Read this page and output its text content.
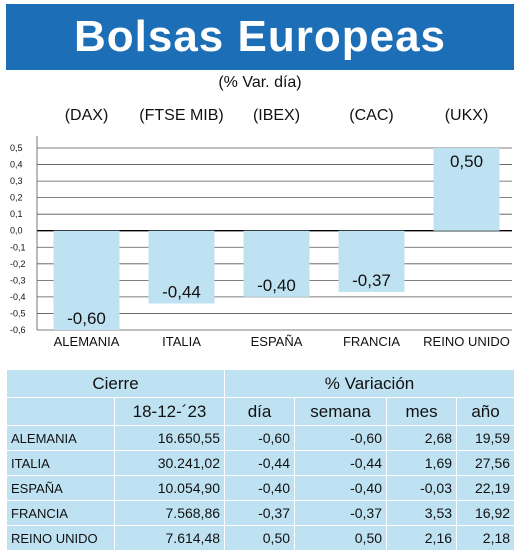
Bolsas Europeas
(% Var. día)
0,5
0,4
0,3
0,2
0,1
0,0
-0,1
-0,2
-0,3
-0,4
-0,5
-0,6
(DAX)
-0,60
ALEMANIA
(FTSE MIB)
-0,44
ITALIA
(IBEX)
-0,40
ESPAÑA
(CAC)
-0,37
FRANCIA
(UKX)
0,50
REINO UNIDO
Cierre		% Variación			
	18-12-´23	día	semana	mes	año
ALEMANIA	16.650,55	-0,60	-0,60	2,68	19,59
ITALIA	30.241,02	-0,44	-0,44	1,69	27,56
ESPAÑA	10.054,90	-0,40	-0,40	-0,03	22,19
FRANCIA	7.568,86	-0,37	-0,37	3,53	16,92
REINO UNIDO	7.614,48	0,50	0,50	2,16	2,18
